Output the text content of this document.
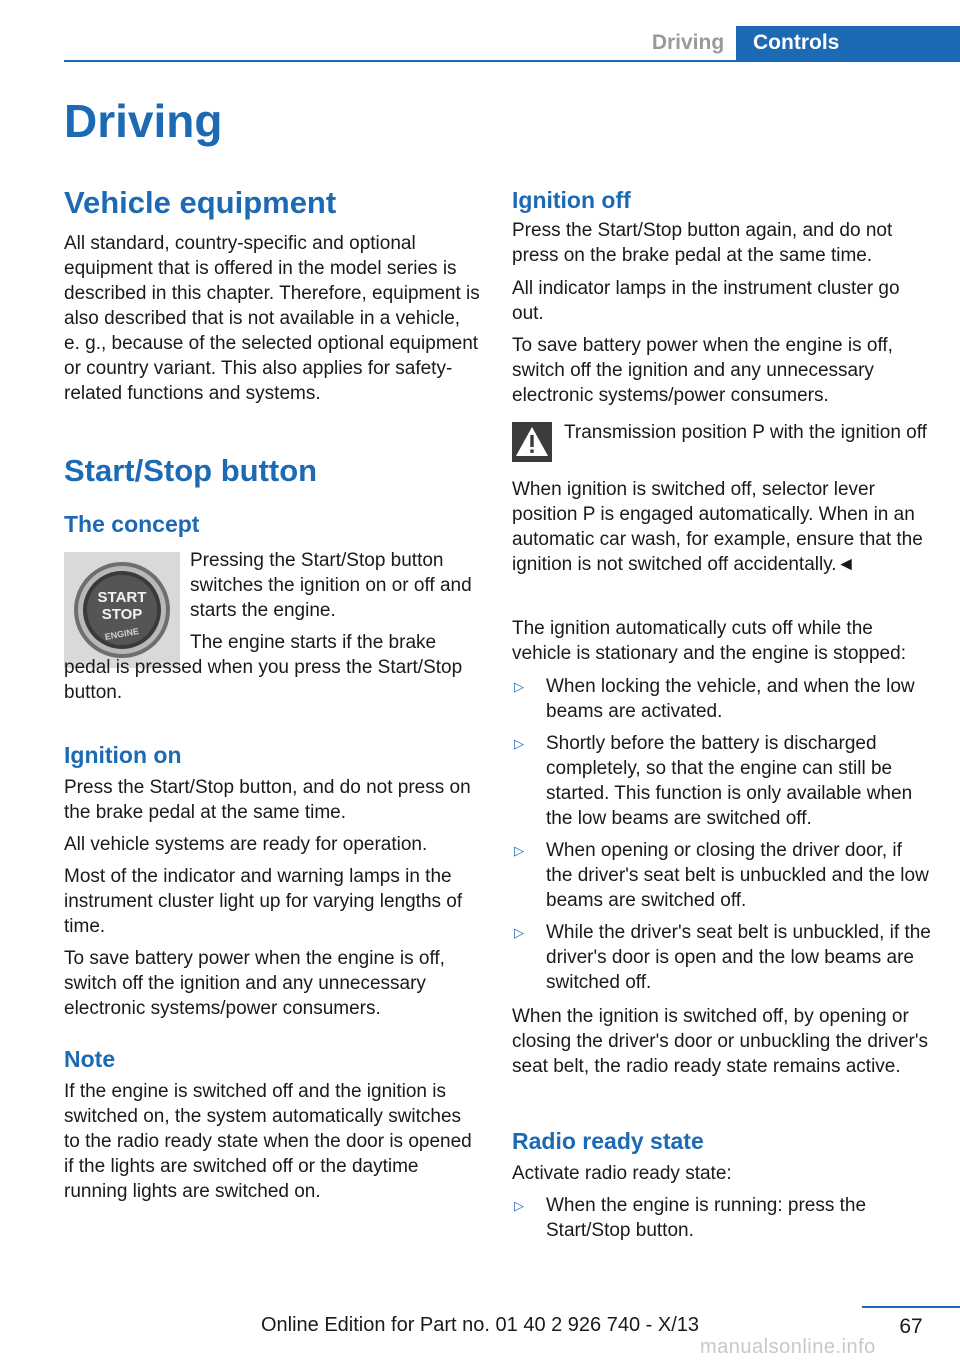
Driving	Controls
Driving
Vehicle equipment

All standard, country-specific and optional equipment that is offered in the model series is described in this chapter. Therefore, equipment is also described that is not available in a vehicle, e. g., because of the selected optional equipment or country variant. This also applies for safety-related functions and systems.

Start/Stop button
The concept
START
STOP
ENGINE

Pressing the Start/Stop button switches the ignition on or off and starts the engine.

The engine starts if the brake pedal is pressed when you press the Start/Stop button.
Ignition on

Press the Start/Stop button, and do not press on the brake pedal at the same time.

All vehicle systems are ready for operation.

Most of the indicator and warning lamps in the instrument cluster light up for varying lengths of time.

To save battery power when the engine is off, switch off the ignition and any unnecessary electronic systems/power consumers.

Note

If the engine is switched off and the ignition is switched on, the system automatically switches to the radio ready state when the door is opened if the lights are switched off or the daytime running lights are switched on.

Ignition off

Press the Start/Stop button again, and do not press on the brake pedal at the same time.

All indicator lamps in the instrument cluster go out.

To save battery power when the engine is off, switch off the ignition and any unnecessary electronic systems/power consumers.

Transmission position P with the ignition off

When ignition is switched off, selector lever position P is engaged automatically. When in an automatic car wash, for example, ensure that the ignition is not switched off accidentally.◄

The ignition automatically cuts off while the vehicle is stationary and the engine is stopped:

▷ When locking the vehicle, and when the low beams are activated.
▷ Shortly before the battery is discharged completely, so that the engine can still be started. This function is only available when the low beams are switched off.
▷ When opening or closing the driver door, if the driver's seat belt is unbuckled and the low beams are switched off.
▷ While the driver's seat belt is unbuckled, if the driver's door is open and the low beams are switched off.

When the ignition is switched off, by opening or closing the driver's door or unbuckling the driver's seat belt, the radio ready state remains active.

Radio ready state

Activate radio ready state:

▷ When the engine is running: press the Start/Stop button.
67
Online Edition for Part no. 01 40 2 926 740 - X/13
manualsonline.info
